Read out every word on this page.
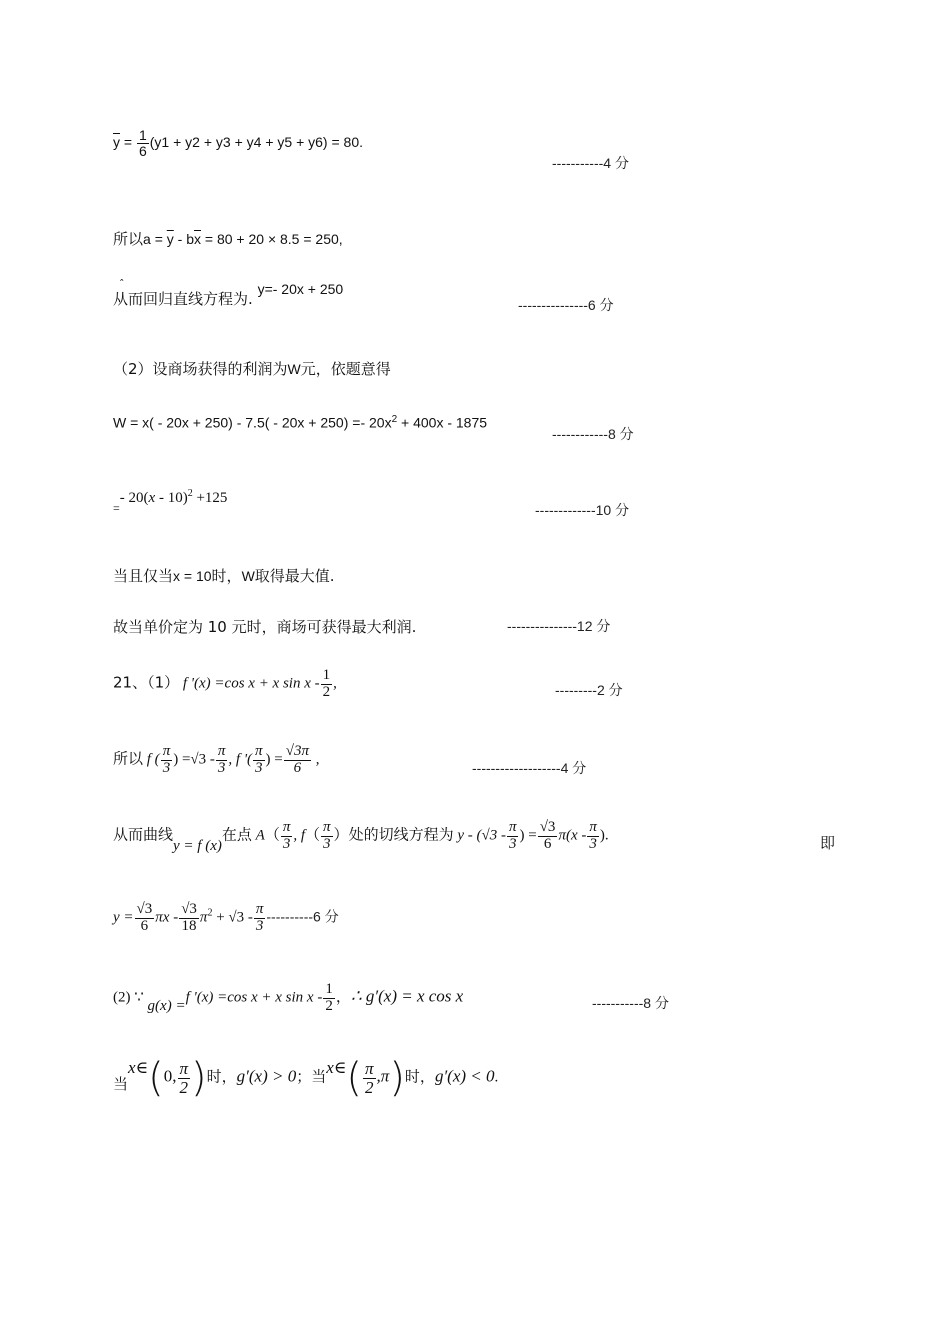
$\overline{y} = \frac{1}{6} (y1 + y2 + y3 + y4 + y5 + y6) = 80$.
-----------4 分
所以$a = \overline{y} - b\overline{x} = 80 + 20 \times 8.5 = 250$,
从而回归直线方程为. y=- 20x + 250
ˆ
---------------6 分
（2）设商场获得的利润为W元，依题意得
$W = x( - 20x + 250) - 7.5( - 20x + 250) =- 20x^2 + 400x - 1875$
------------8 分
$_=$- 20(x - 10)$^2$ +125
-------------10 分
当且仅当x = 10时，W取得最大值.
故当单价定为 10 元时，商场可获得最大利润.	---------------12 分
21、（1） f '(x) =cos x + x sin x - $\frac{1}{2}$ ,	---------2 分
所以 f ( $\frac{\pi}{3}$ ) $=√3 - \frac{\pi}{3}$ , f '( $\frac{\pi}{3}$ ) = $\frac{√3\pi}{6}$ ,
-------------------4 分
从而曲线y = f (x)在点 $A( \frac{\pi}{3}$ , $f( \frac{\pi}{3}$ ）处的切线方程为 y - ($√3 - \frac{\pi}{3}$ ) = $\frac{√3}{6} \pi(x - \frac{\pi}{3}$ ).	即
$y = \frac{√3}{6}$ $\pi x - \frac{√3}{18} \pi^2 + √3 - \frac{\pi}{3} ----------6$ 分
(2) ∵ g(x) =f '(x) =cos x + x sin x - $\frac{1}{2}$ ，∴ g′(x) = x cos x	-----------8 分
当x∈(0, $\frac{\pi}{2}$ )时，g′(x) > 0；当x∈( $\frac{\pi}{2} ,\pi$)时，g′(x) < 0.
